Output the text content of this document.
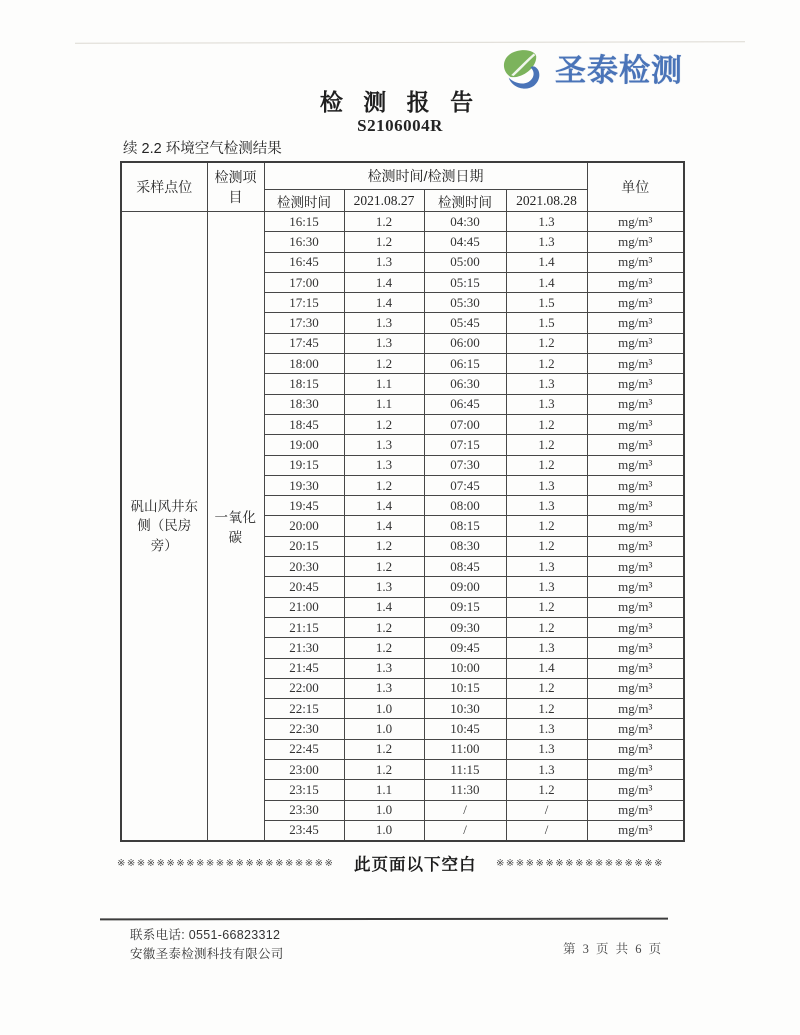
圣泰检测
检 测 报 告
S2106004R
续 2.2 环境空气检测结果
采样点位	检测项目	检测时间/检测日期				单位
		检测时间	2021.08.27	检测时间	2021.08.28	
矾山风井东侧（民房旁）	一氧化碳	16:15	1.2	04:30	1.3	mg/m³
		16:30	1.2	04:45	1.3	mg/m³
		16:45	1.3	05:00	1.4	mg/m³
		17:00	1.4	05:15	1.4	mg/m³
		17:15	1.4	05:30	1.5	mg/m³
		17:30	1.3	05:45	1.5	mg/m³
		17:45	1.3	06:00	1.2	mg/m³
		18:00	1.2	06:15	1.2	mg/m³
		18:15	1.1	06:30	1.3	mg/m³
		18:30	1.1	06:45	1.3	mg/m³
		18:45	1.2	07:00	1.2	mg/m³
		19:00	1.3	07:15	1.2	mg/m³
		19:15	1.3	07:30	1.2	mg/m³
		19:30	1.2	07:45	1.3	mg/m³
		19:45	1.4	08:00	1.3	mg/m³
		20:00	1.4	08:15	1.2	mg/m³
		20:15	1.2	08:30	1.2	mg/m³
		20:30	1.2	08:45	1.3	mg/m³
		20:45	1.3	09:00	1.3	mg/m³
		21:00	1.4	09:15	1.2	mg/m³
		21:15	1.2	09:30	1.2	mg/m³
		21:30	1.2	09:45	1.3	mg/m³
		21:45	1.3	10:00	1.4	mg/m³
		22:00	1.3	10:15	1.2	mg/m³
		22:15	1.0	10:30	1.2	mg/m³
		22:30	1.0	10:45	1.3	mg/m³
		22:45	1.2	11:00	1.3	mg/m³
		23:00	1.2	11:15	1.3	mg/m³
		23:15	1.1	11:30	1.2	mg/m³
		23:30	1.0	/	/	mg/m³
		23:45	1.0	/	/	mg/m³
※※※※※※※※※※※※※※※※※※※※※※ 此页面以下空白 ※※※※※※※※※※※※※※※※※
联系电话: 0551-66823312
安徽圣泰检测科技有限公司	第 3 页 共 6 页
